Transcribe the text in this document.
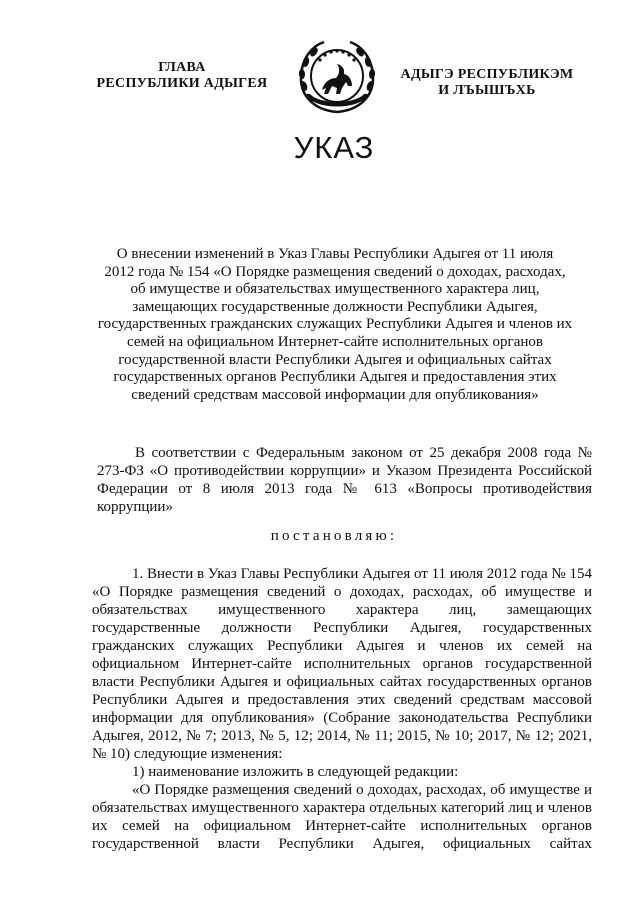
ГЛАВА
РЕСПУБЛИКИ АДЫГЕЯ
АДЫГЭ РЕСПУБЛИКЭМ
И ЛЪЫШЪХЬ
УКАЗ
О внесении изменений в Указ Главы Республики Адыгея от 11 июля
2012 года № 154 «О Порядке размещения сведений о доходах, расходах,
об имуществе и обязательствах имущественного характера лиц,
замещающих государственные должности Республики Адыгея,
государственных гражданских служащих Республики Адыгея и членов их
семей на официальном Интернет-сайте исполнительных органов
государственной власти Республики Адыгея и официальных сайтах
государственных органов Республики Адыгея и предоставления этих
сведений средствам массовой информации для опубликования»
В соответствии с Федеральным законом от 25 декабря 2008 года № 273-ФЗ «О противодействии коррупции» и Указом Президента Российской Федерации от 8 июля 2013 года № 613 «Вопросы противодействия коррупции»
постановляю:

1. Внести в Указ Главы Республики Адыгея от 11 июля 2012 года № 154 «О Порядке размещения сведений о доходах, расходах, об имуществе и обязательствах имущественного характера лиц, замещающих государственные должности Республики Адыгея, государственных гражданских служащих Республики Адыгея и членов их семей на официальном Интернет-сайте исполнительных органов государственной власти Республики Адыгея и официальных сайтах государственных органов Республики Адыгея и предоставления этих сведений средствам массовой информации для опубликования» (Собрание законодательства Республики Адыгея, 2012, № 7; 2013, № 5, 12; 2014, № 11; 2015, № 10; 2017, № 12; 2021, № 10) следующие изменения:

1) наименование изложить в следующей редакции:

«О Порядке размещения сведений о доходах, расходах, об имуществе и обязательствах имущественного характера отдельных категорий лиц и членов их семей на официальном Интернет-сайте исполнительных органов государственной власти Республики Адыгея, официальных сайтах
